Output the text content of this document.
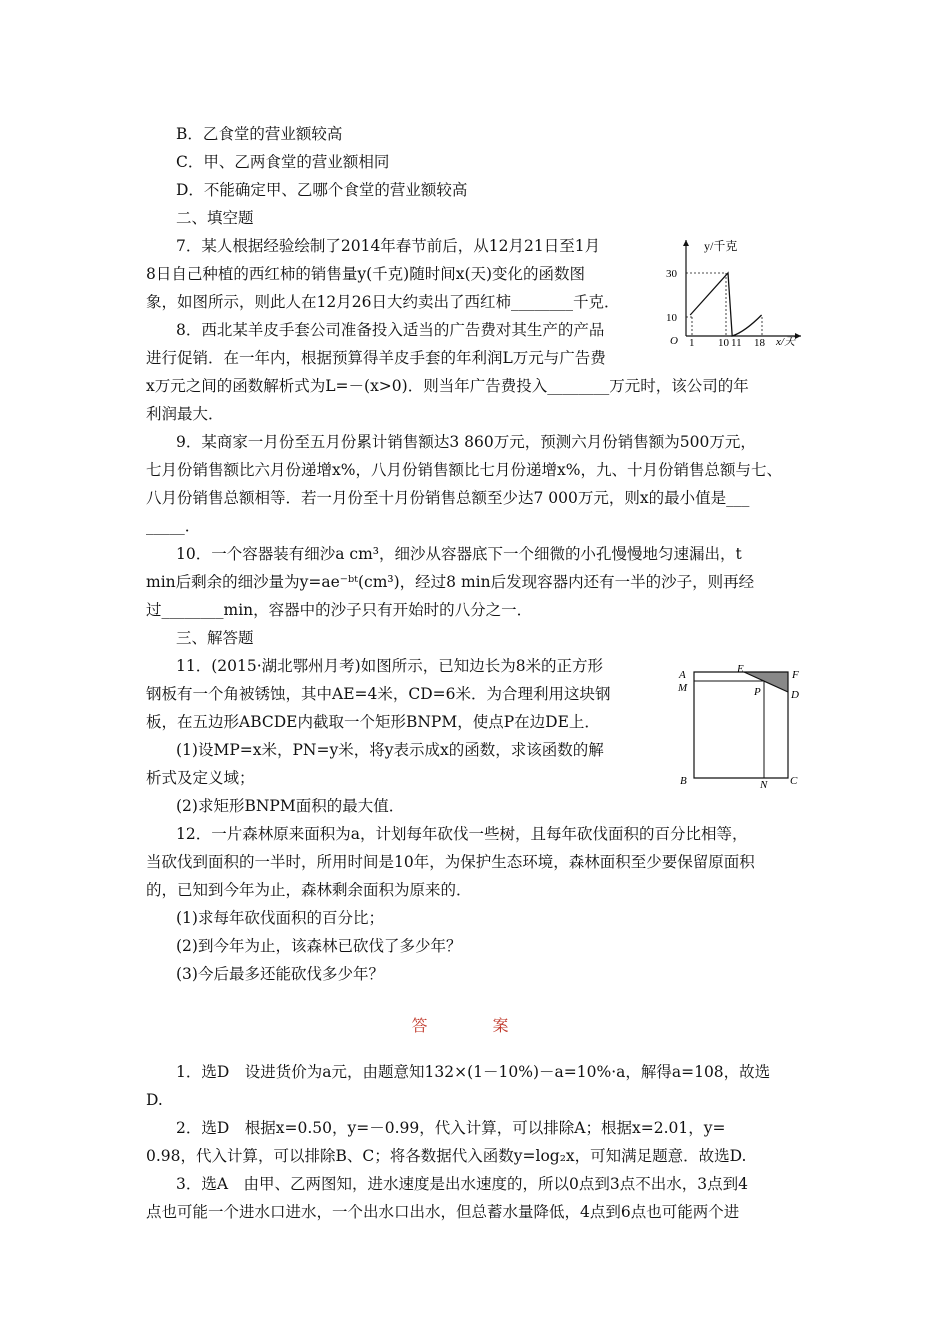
B．乙食堂的营业额较高
C．甲、乙两食堂的营业额相同
D．不能确定甲、乙哪个食堂的营业额较高
二、填空题
7．某人根据经验绘制了2014年春节前后，从12月21日至1月
8日自己种植的西红柿的销售量y(千克)随时间x(天)变化的函数图
象，如图所示，则此人在12月26日大约卖出了西红柿________千克．
8．西北某羊皮手套公司准备投入适当的广告费对其生产的产品
进行促销．在一年内，根据预算得羊皮手套的年利润L万元与广告费
x万元之间的函数解析式为L=－(x>0)．则当年广告费投入________万元时，该公司的年
利润最大．
9．某商家一月份至五月份累计销售额达3 860万元，预测六月份销售额为500万元，
七月份销售额比六月份递增x%，八月份销售额比七月份递增x%，九、十月份销售总额与七、
八月份销售总额相等．若一月份至十月份销售总额至少达7 000万元，则x的最小值是___
_____．
10．一个容器装有细沙a cm³，细沙从容器底下一个细微的小孔慢慢地匀速漏出，t
min后剩余的细沙量为y=ae⁻ᵇᵗ(cm³)，经过8 min后发现容器内还有一半的沙子，则再经
过________min，容器中的沙子只有开始时的八分之一．
三、解答题
11．(2015·湖北鄂州月考)如图所示，已知边长为8米的正方形
钢板有一个角被锈蚀，其中AE=4米，CD=6米．为合理利用这块钢
板，在五边形ABCDE内截取一个矩形BNPM，使点P在边DE上．
(1)设MP=x米，PN=y米，将y表示成x的函数，求该函数的解
析式及定义域；
(2)求矩形BNPM面积的最大值．
12．一片森林原来面积为a，计划每年砍伐一些树，且每年砍伐面积的百分比相等，
当砍伐到面积的一半时，所用时间是10年，为保护生态环境，森林面积至少要保留原面积
的，已知到今年为止，森林剩余面积为原来的．
(1)求每年砍伐面积的百分比；
(2)到今年为止，该森林已砍伐了多少年？
(3)今后最多还能砍伐多少年？
答 案
1．选D　设进货价为a元，由题意知132×(1－10%)－a=10%·a，解得a=108，故选
D.
2．选D　根据x=0.50，y=－0.99，代入计算，可以排除A；根据x=2.01，y=
0.98，代入计算，可以排除B、C；将各数据代入函数y=log₂x，可知满足题意．故选D.
3．选A　由甲、乙两图知，进水速度是出水速度的，所以0点到3点不出水，3点到4
点也可能一个进水口进水，一个出水口出水，但总蓄水量降低，4点到6点也可能两个进
y/千克
x/天
O
30
10
1 10 11 18
A	E	F
M	P	D
B	N C
